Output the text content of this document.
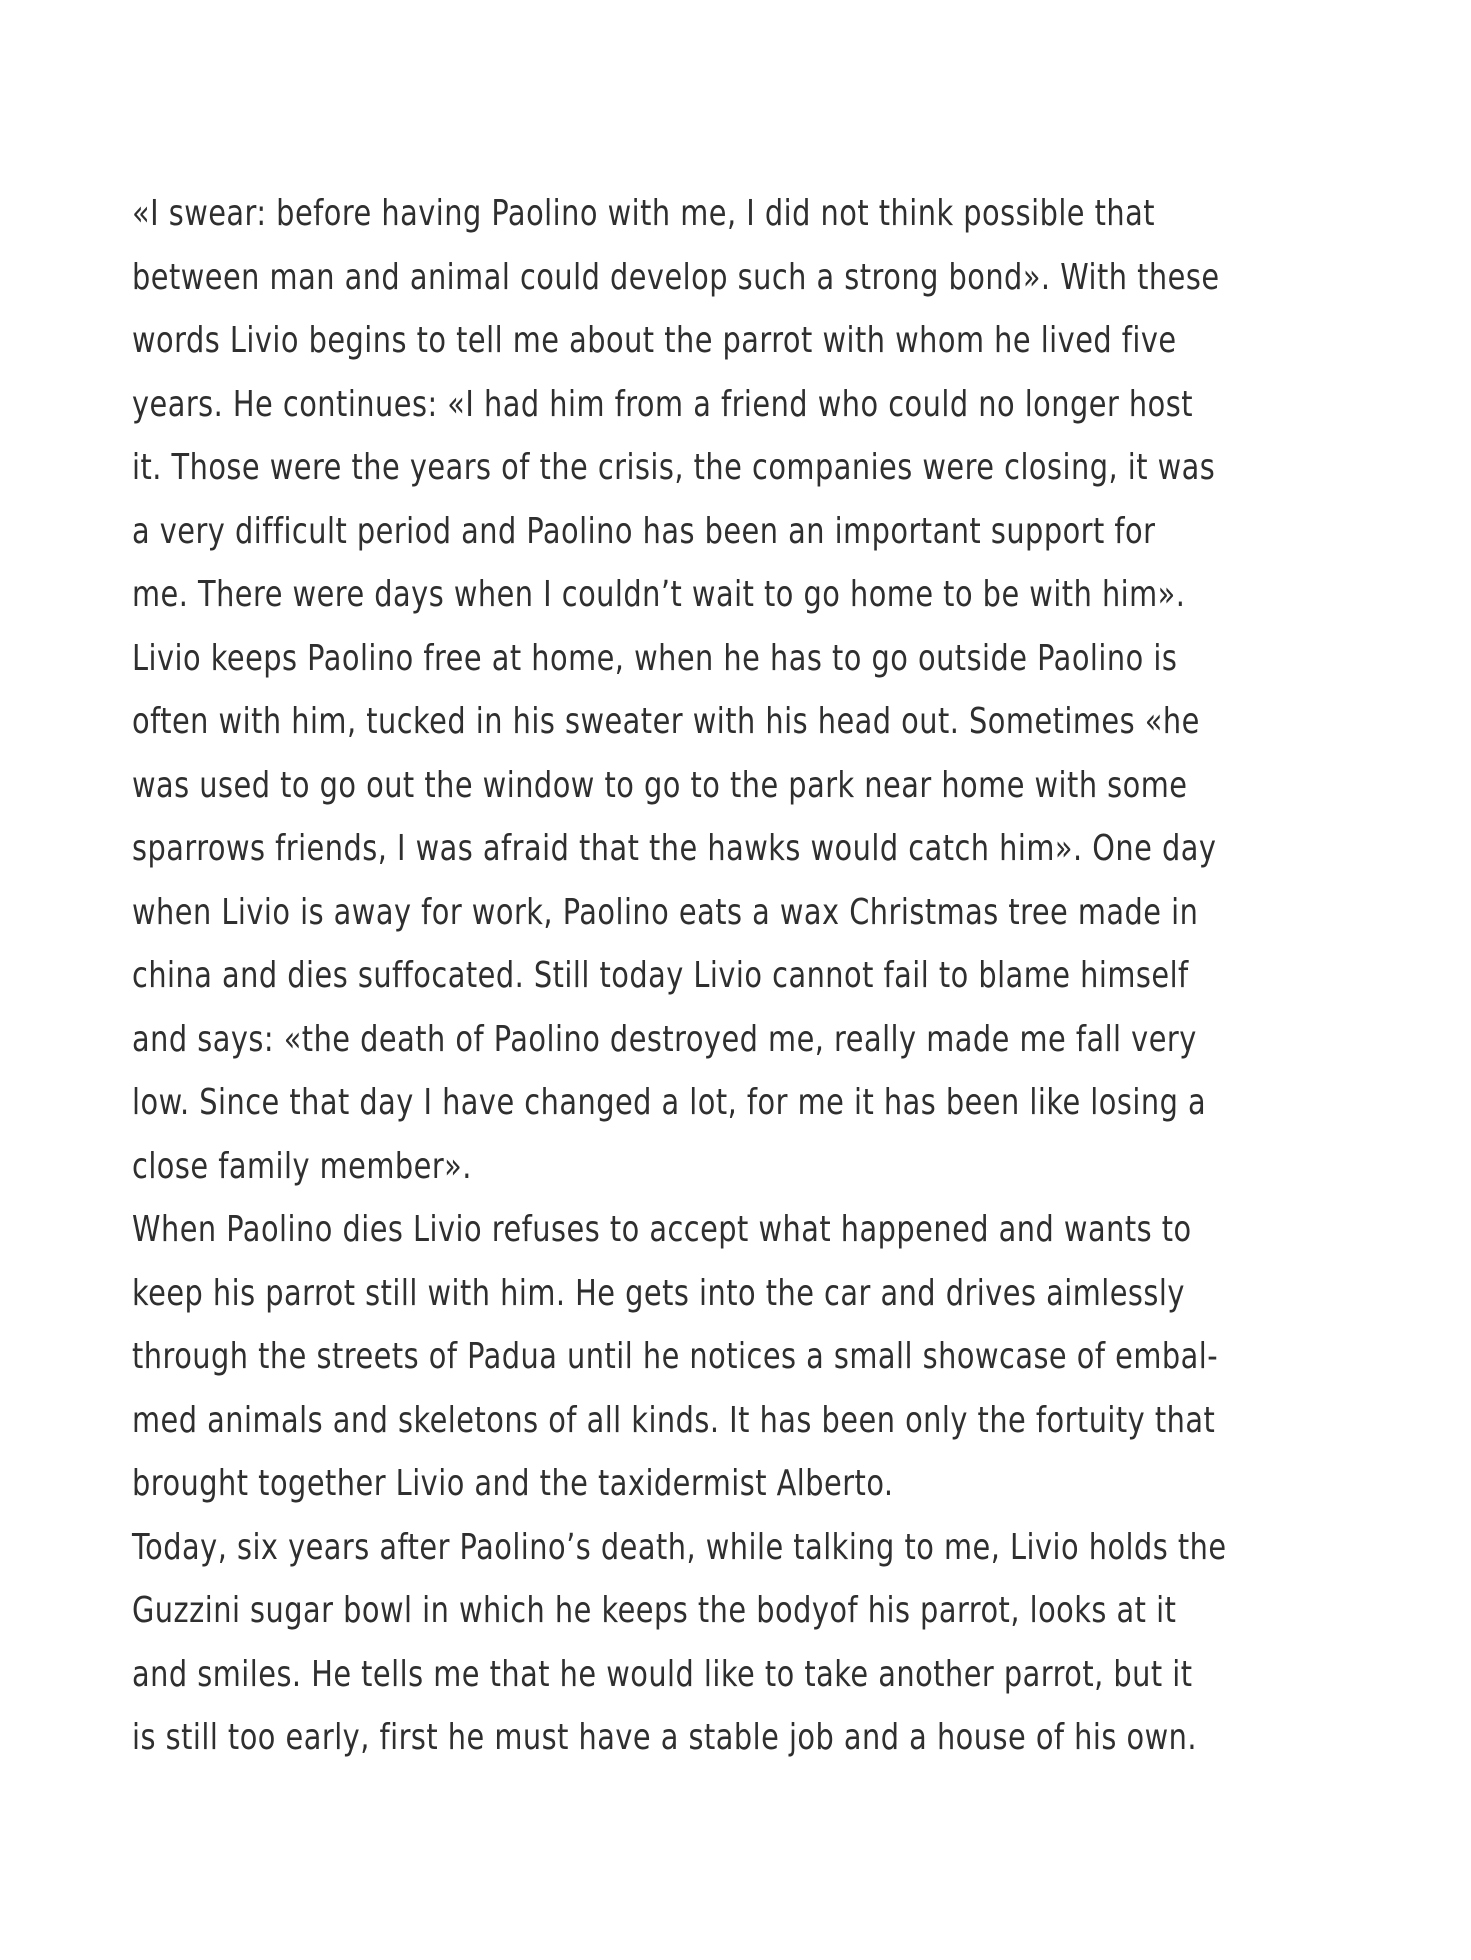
«I swear: before having Paolino with me, I did not think possible that
between man and animal could develop such a strong bond». With these
words Livio begins to tell me about the parrot with whom he lived five
years. He continues: «I had him from a friend who could no longer host
it. Those were the years of the crisis, the companies were closing, it was
a very difficult period and Paolino has been an important support for
me. There were days when I couldn’t wait to go home to be with him».
Livio keeps Paolino free at home, when he has to go outside Paolino is
often with him, tucked in his sweater with his head out. Sometimes «he
was used to go out the window to go to the park near home with some
sparrows friends, I was afraid that the hawks would catch him». One day
when Livio is away for work, Paolino eats a wax Christmas tree made in
china and dies suffocated. Still today Livio cannot fail to blame himself
and says: «the death of Paolino destroyed me, really made me fall very
low. Since that day I have changed a lot, for me it has been like losing a
close family member».
When Paolino dies Livio refuses to accept what happened and wants to
keep his parrot still with him. He gets into the car and drives aimlessly
through the streets of Padua until he notices a small showcase of embal-
med animals and skeletons of all kinds. It has been only the fortuity that
brought together Livio and the taxidermist Alberto.
Today, six years after Paolino’s death, while talking to me, Livio holds the
Guzzini sugar bowl in which he keeps the bodyof his parrot, looks at it
and smiles. He tells me that he would like to take another parrot, but it
is still too early, first he must have a stable job and a house of his own.
